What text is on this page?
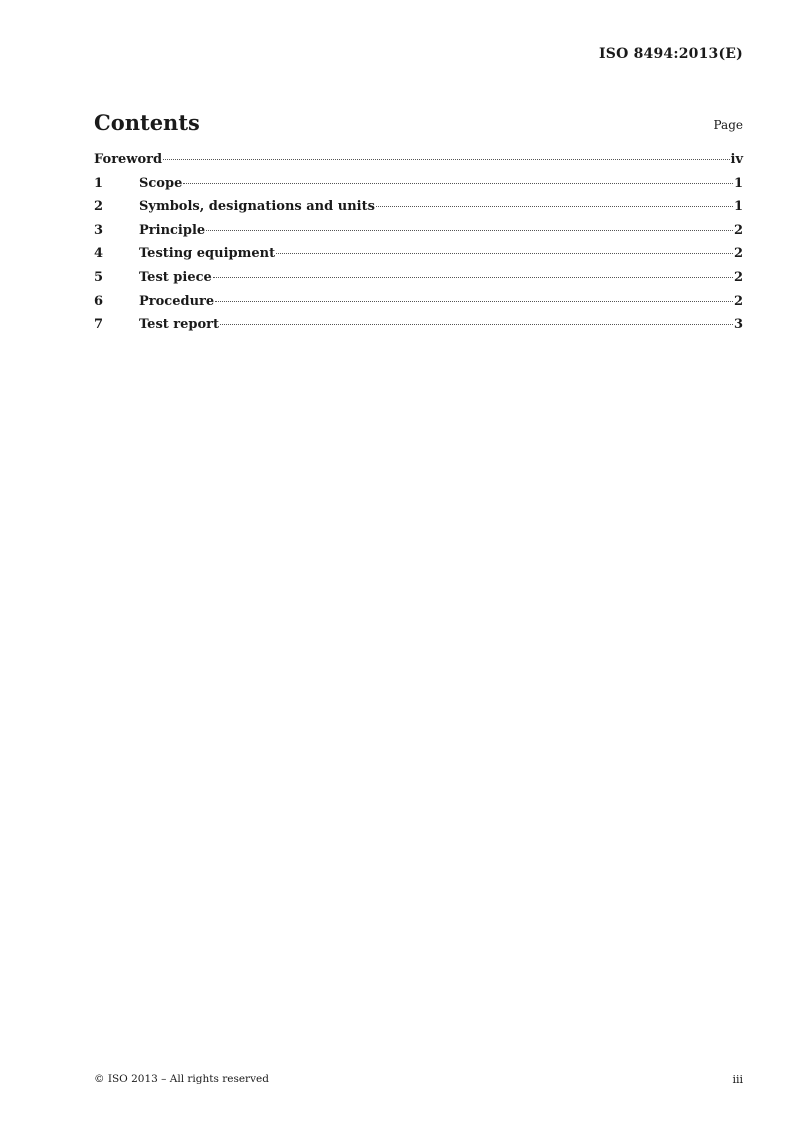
ISO 8494:2013(E)
Contents	Page
Foreword	iv
1	Scope	1
2	Symbols, designations and units	1
3	Principle	2
4	Testing equipment	2
5	Test piece	2
6	Procedure	2
7	Test report	3
© ISO 2013 – All rights reserved	iii
